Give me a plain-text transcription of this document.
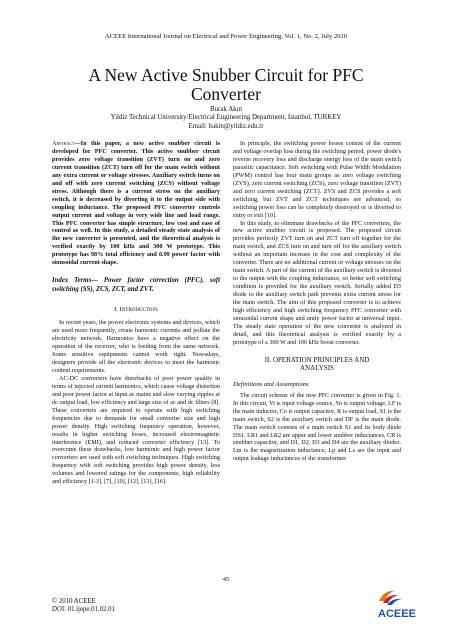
ACEEE International Journal on Electrical and Power Engineering, Vol. 1, No. 2, July 2010
A New Active Snubber Circuit for PFC
Converter
Burak Akın
Yildiz Technical University/Electrical Engineering Department, Istanbul, TURKEY
Email: bakin@yildiz.edu.tr

Abstract—In this paper, a new active snubber circuit is developed for PFC converter. This active snubber circuit provides zero voltage transition (ZVT) turn on and zero current transition (ZCT) turn off for the main switch without any extra current or voltage stresses. Auxiliary switch turns on and off with zero current switching (ZCS) without voltage stress. Although there is a current stress on the auxiliary switch, it is decreased by diverting it to the output side with coupling inductance. The proposed PFC converter controls output current and voltage in very wide line and load range. This PFC converter has simple structure, low cost and ease of control as well. In this study, a detailed steady state analysis of the new converter is presented, and the theoretical analysis is verified exactly by 100 kHz and 300 W prototype. This prototype has 98% total efficiency and 0.99 power factor with sinusoidal current shape.

Index Terms— Power factor correction (PFC), soft switching (SS), ZCS, ZCT, and ZVT.

I. Introduction

In recent years, the power electronic systems and devices, which are used more frequently, create harmonic currents and pollute the electricity network. Harmonics have a negative effect on the operation of the receiver, who is feeding from the same network. Some sensitive equipments cannot work right. Nowadays, designers provide all the electronic devices to meet the harmonic content requirements.

AC-DC converters have drawbacks of poor power quality in terms of injected current harmonics, which cause voltage distortion and poor power factor at input ac mains and slow varying ripples at dc output load, low efficiency and large size of ac and dc filters [8]. These converters are required to operate with high switching frequencies due to demands for small converter size and high power density. High switching frequency operation, however, results in higher switching losses, increased electromagnetic interference (EMI), and reduced converter efficiency [13]. To overcome these drawbacks, low harmonic and high power factor converters are used with soft switching techniques. High switching frequency with soft switching provides high power density, less volumes and lowered ratings for the components, high reliability and efficiency [1-3], [7], [10], [12], [13], [16].

In principle, the switching power losses consist of the current and voltage overlap loss during the switching period, power diode's reverse recovery loss and discharge energy loss of the main switch parasitic capacitance. Soft switching with Pulse Width Modulation (PWM) control has four main groups as zero voltage switching (ZVS), zero current switching (ZCS), zero voltage transition (ZVT) and zero current switching (ZCT). ZVS and ZCS provides a soft switching, but ZVT and ZCT techniques are advanced, so switching power loss can be completely destroyed or is diverted to entry or exit [10].

In this study, to eliminate drawbacks of the PFC converters, the new active snubber circuit is proposed. The proposed circuit provides perfectly ZVT turn on and ZCT turn off together for the main switch, and ZCS turn on and turn off for the auxiliary switch without an important increase in the cost and complexity of the converter. There are no additional current or voltage stresses on the main switch. A part of the current of the auxiliary switch is diverted to the output with the coupling inductance, so better soft switching condition is provided for the auxiliary switch. Serially added D3 diode to the auxiliary switch path prevents extra current stress for the main switch. The aim of this proposed converter is to achieve high efficiency and high switching frequency PFC converter with sinusoidal current shape and unity power factor at universal input. The steady state operation of the new converter is analyzed in detail, and this theoretical analysis is verified exactly by a prototype of a 300 W and 100 kHz boost converter.

II. OPERATION PRINCIPLES AND

ANALYSIS

Definitions and Assumptions

The circuit scheme of the new PFC converter is given in Fig. 1. In this circuit, Vi is input voltage source, Vo is output voltage, LF is the main inductor, Co is output capacitor, R is output load, S1 is the main switch, S2 is the auxiliary switch and DF is the main diode. The main switch consists of a main switch S1 and its body diode DS1. LR1 and LR2 are upper and lower snubber inductances, CR is snubber capacitor, and D1, D2, D3 and D4 are the auxiliary diodes. Lm is the magnetization inductance; Lp and Ls are the input and output leakage inductances of the transformer

45
© 2010 ACEEE
DOI: 01.ijepe.01.02.01	ACEEE
